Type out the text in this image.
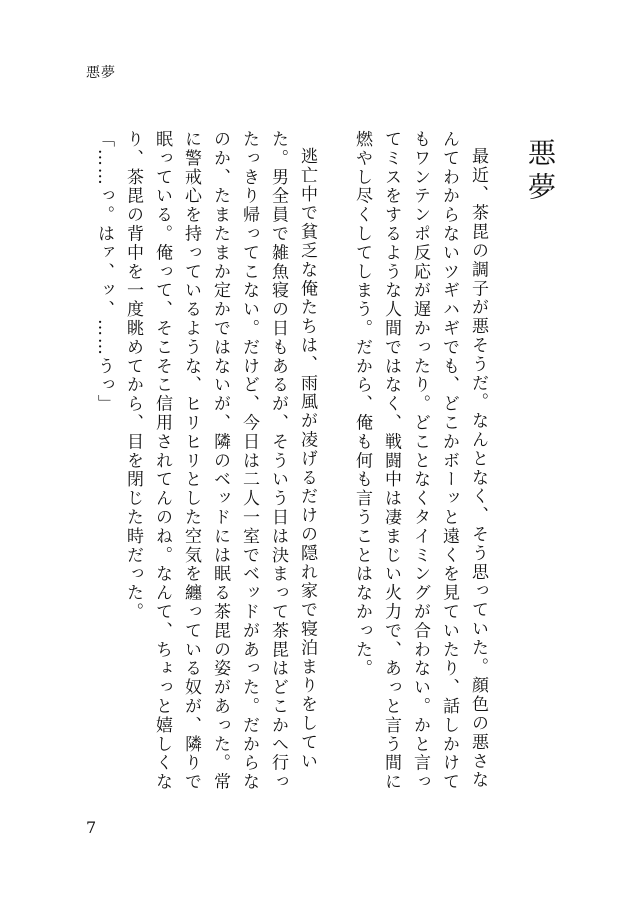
悪夢
悪夢

最近、茶毘の調子が悪そうだ。なんとなく、そう思っていた。顔色の悪さなんてわからないツギハギでも、どこかボーッと遠くを見ていたり、話しかけてもワンテンポ反応が遅かったり。どことなくタイミングが合わない。かと言ってミスをするような人間ではなく、戦闘中は凄まじい火力で、あっと言う間に燃やし尽くしてしまう。だから、俺も何も言うことはなかった。

逃亡中で貧乏な俺たちは、雨風が凌げるだけの隠れ家で寝泊まりをしていた。男全員で雑魚寝の日もあるが、そういう日は決まって茶毘はどこかへ行ったっきり帰ってこない。だけど、今日は二人一室でベッドがあった。だからなのか、たまたまか定かではないが、隣のベッドには眠る茶毘の姿があった。常に警戒心を持っているような、ヒリヒリとした空気を纏っている奴が、隣りで眠っている。俺って、そこそこ信用されてんのね。なんて、ちょっと嬉しくなり、茶毘の背中を一度眺めてから、目を閉じた時だった。

「……っ。はァ、ッ、……うっ」

7
